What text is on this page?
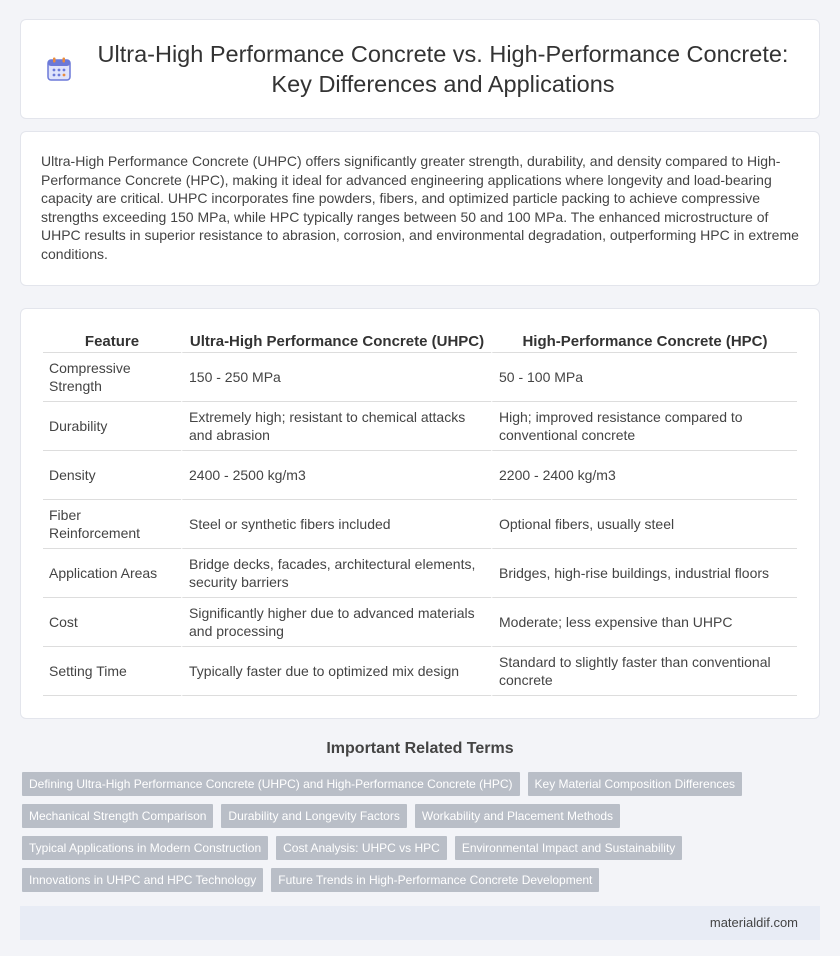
Ultra-High Performance Concrete vs. High-Performance Concrete: Key Differences and Applications

Ultra-High Performance Concrete (UHPC) offers significantly greater strength, durability, and density compared to High-Performance Concrete (HPC), making it ideal for advanced engineering applications where longevity and load-bearing capacity are critical. UHPC incorporates fine powders, fibers, and optimized particle packing to achieve compressive strengths exceeding 150 MPa, while HPC typically ranges between 50 and 100 MPa. The enhanced microstructure of UHPC results in superior resistance to abrasion, corrosion, and environmental degradation, outperforming HPC in extreme conditions.

Feature	Ultra-High Performance Concrete (UHPC)	High-Performance Concrete (HPC)
Compressive Strength	150 - 250 MPa	50 - 100 MPa
Durability	Extremely high; resistant to chemical attacks and abrasion	High; improved resistance compared to conventional concrete
Density	2400 - 2500 kg/m3	2200 - 2400 kg/m3
Fiber Reinforcement	Steel or synthetic fibers included	Optional fibers, usually steel
Application Areas	Bridge decks, facades, architectural elements, security barriers	Bridges, high-rise buildings, industrial floors
Cost	Significantly higher due to advanced materials and processing	Moderate; less expensive than UHPC
Setting Time	Typically faster due to optimized mix design	Standard to slightly faster than conventional concrete
Important Related Terms
Defining Ultra-High Performance Concrete (UHPC) and High-Performance Concrete (HPC)	Key Material Composition Differences
Mechanical Strength Comparison	Durability and Longevity Factors	Workability and Placement Methods
Typical Applications in Modern Construction	Cost Analysis: UHPC vs HPC	Environmental Impact and Sustainability
Innovations in UHPC and HPC Technology	Future Trends in High-Performance Concrete Development
materialdif.com
